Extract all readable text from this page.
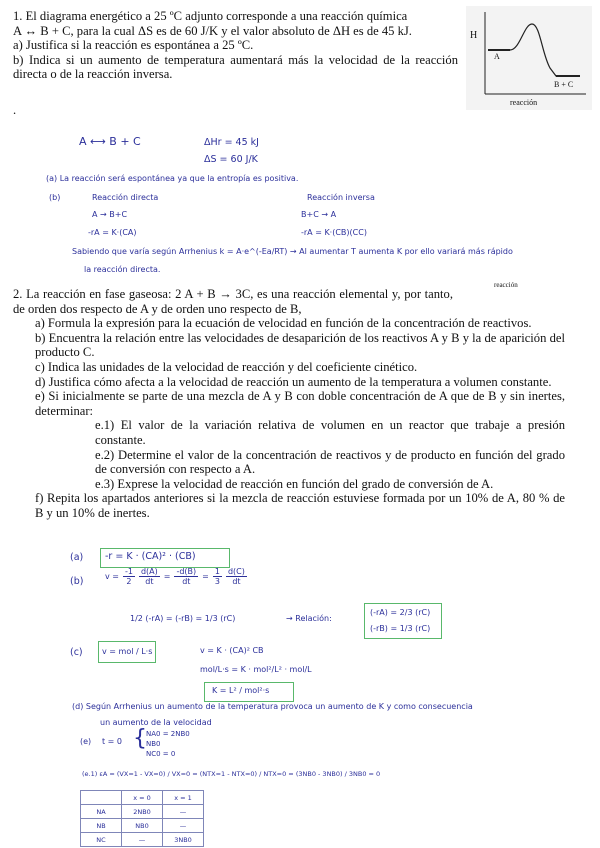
1. El diagrama energético a 25 ºC adjunto corresponde a una reacción química
A ↔ B + C, para la cual ΔS es de 60 J/K y el valor absoluto de ΔH es de 45 kJ.
a) Justifica si la reacción es espontánea a 25 ºC.
b) Indica si un aumento de temperatura aumentará más la velocidad de la reacción directa o de la reacción inversa.
.
H
A
B + C
reacción
A ⟷ B + C	ΔHr = 45 kJ
ΔS = 60 J/K
(a) La reacción será espontánea ya que la entropía es positiva.
(b)	Reacción directa	Reacción inversa
A → B+C	B+C → A
-rA = K·(CA)	-rA = K·(CB)(CC)
Sabiendo que varía según Arrhenius k = A·e^(-Ea/RT) → Al aumentar T aumenta K por ello variará más rápido
la reacción directa.
reacción
2. La reacción en fase gaseosa: 2 A + B → 3C, es una reacción elemental y, por tanto, de orden dos respecto de A y de orden uno respecto de B,
a) Formula la expresión para la ecuación de velocidad en función de la concentración de reactivos.
b) Encuentra la relación entre las velocidades de desaparición de los reactivos A y B y la de aparición del producto C.
c) Indica las unidades de la velocidad de reacción y del coeficiente cinético.
d) Justifica cómo afecta a la velocidad de reacción un aumento de la temperatura a volumen constante.
e) Si inicialmente se parte de una mezcla de A y B con doble concentración de A que de B y sin inertes, determinar:
e.1) El valor de la variación relativa de volumen en un reactor que trabaje a presión constante.
e.2) Determine el valor de la concentración de reactivos y de producto en función del grado de conversión con respecto a A.
e.3) Exprese la velocidad de reacción en función del grado de conversión de A.
f) Repita los apartados anteriores si la mezcla de reacción estuviese formada por un 10% de A, 80 % de B y un 10% de inertes.
(a) -r = K · (CA)² · (CB)
(b)	$v = \frac{-1}{2} \frac{d(A)}{dt} = \frac{-d(B)}{dt} = \frac{1}{3} \frac{d(C)}{dt}$
1/2 (-rA) = (-rB) = 1/3 (rC)	→ Relación:
(-rA) = 2/3 (rC)
(-rB) = 1/3 (rC)
(c) v = mol / L·s	v = K · (CA)² CB
mol/L·s = K · mol²/L² · mol/L
K = L² / mol²·s
(d) Según Arrhenius un aumento de la temperatura provoca un aumento de K y como consecuencia
un aumento de la velocidad
(e) t = 0 { NA0 = 2NB0
NB0
NC0 = 0
(e.1) εA = (VX=1 - VX=0) / VX=0 = (NTX=1 - NTX=0) / NTX=0 = (3NB0 - 3NB0) / 3NB0 = 0
	x = 0	x = 1
NA	2NB0	—
NB	NB0	—
NC	—	3NB0
